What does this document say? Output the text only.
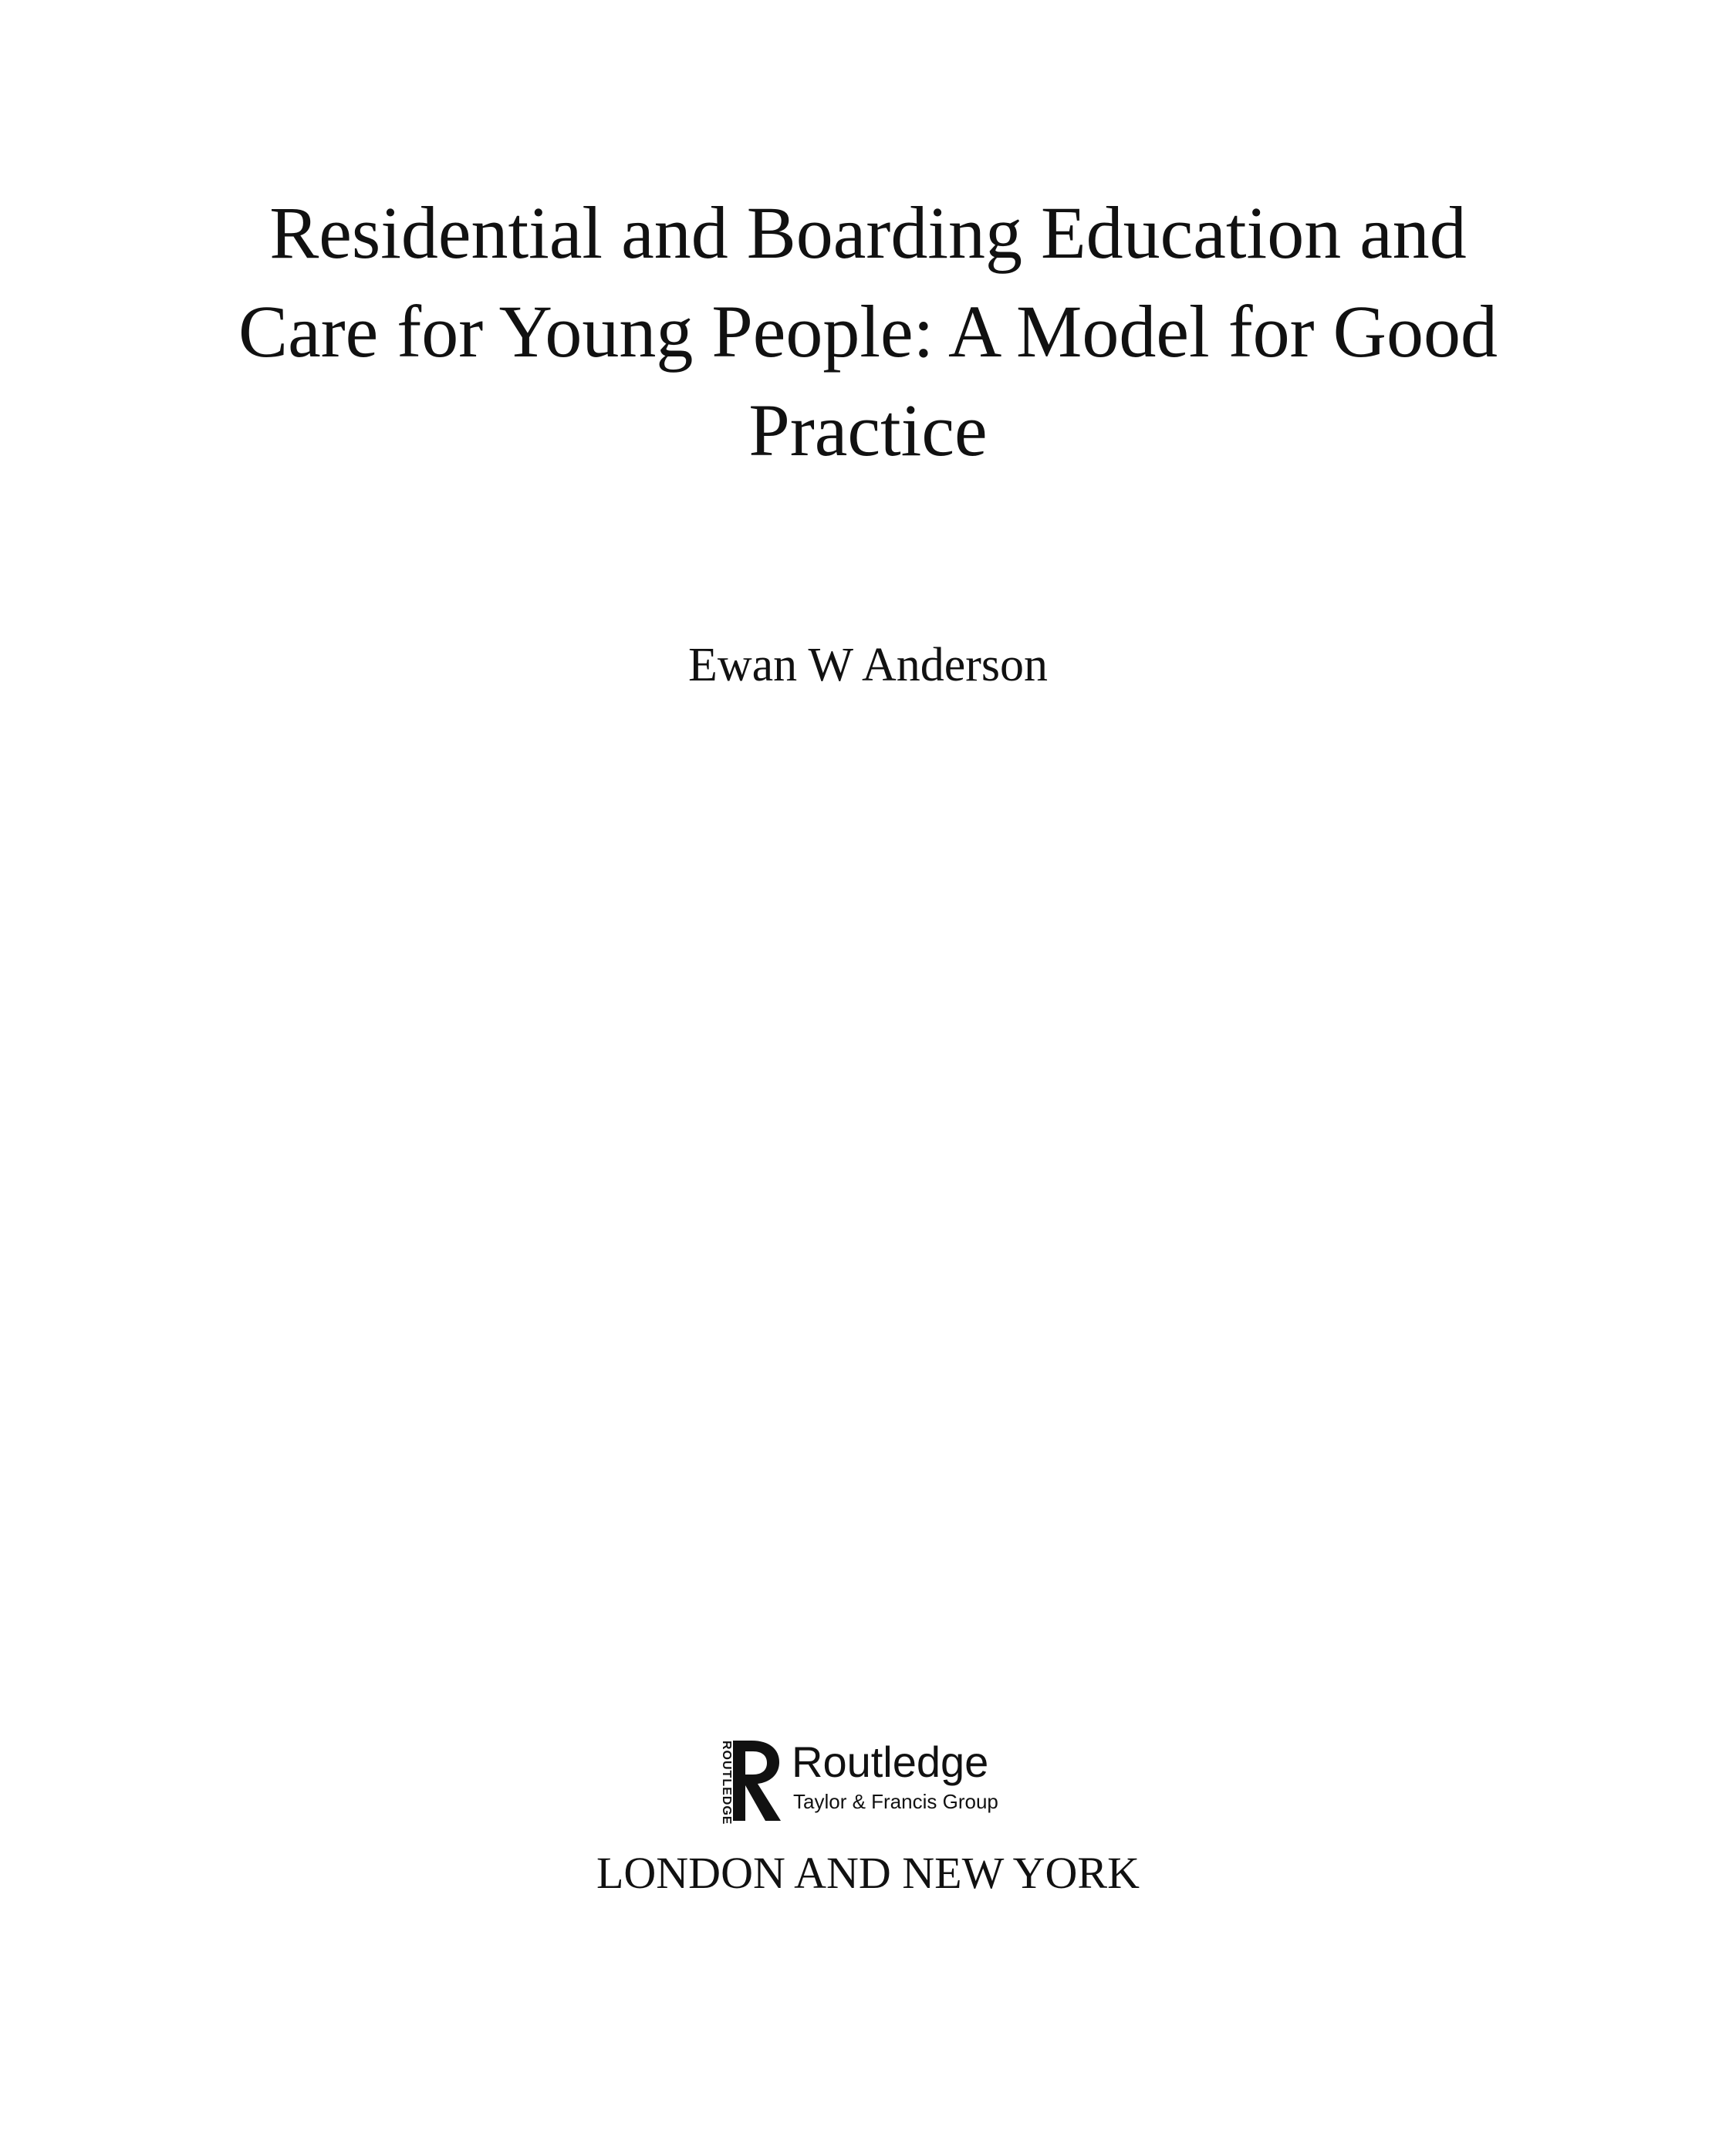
Residential and Boarding Education and
Care for Young People: A Model for Good
Practice
Ewan W Anderson
ROUTLEDGE Routledge
Taylor & Francis Group
LONDON AND NEW YORK
